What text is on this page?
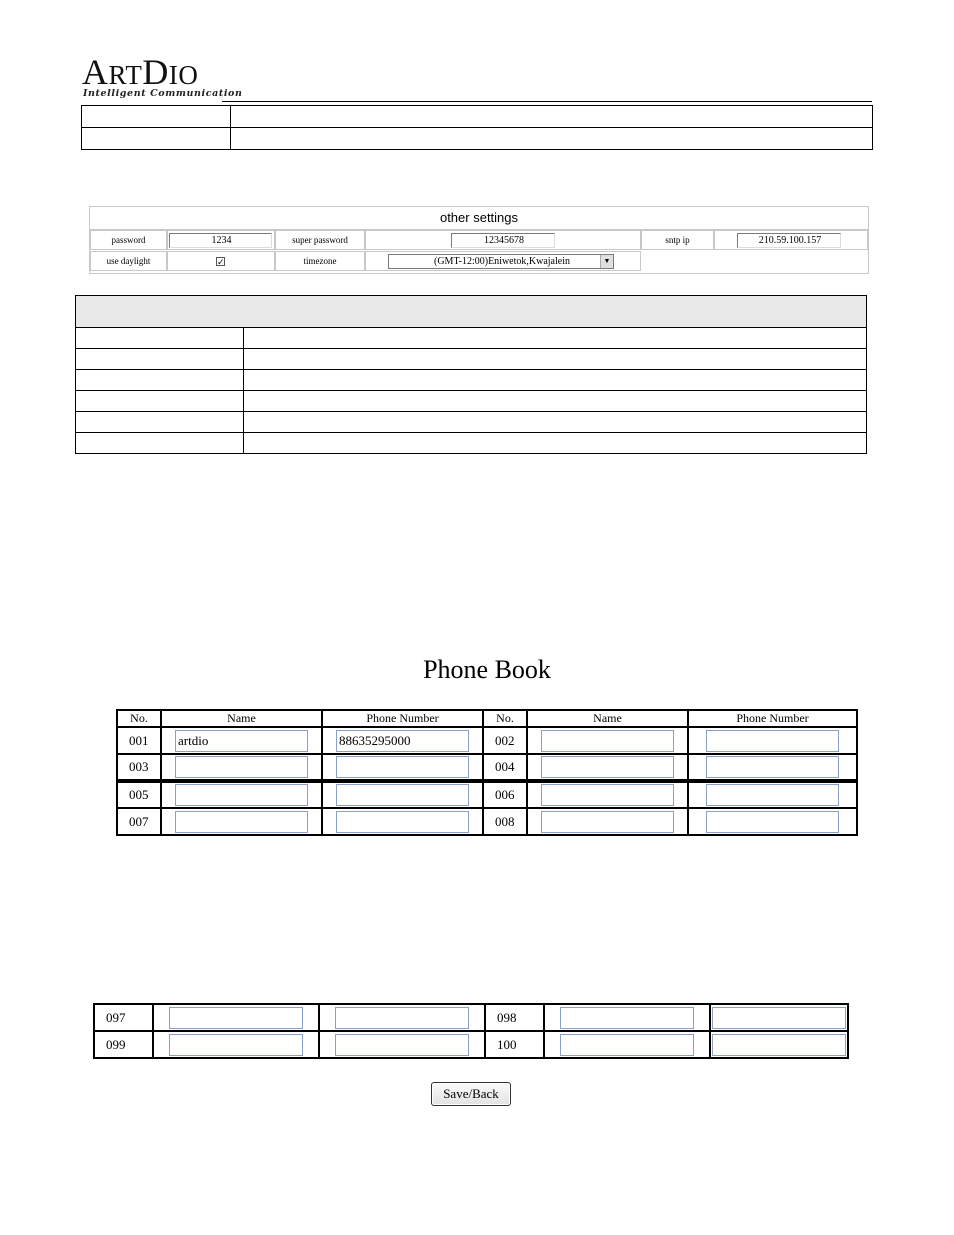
ARTDIO
Intelligent Communication

other settings
password	1234	super password	12345678	sntp ip	210.59.100.157
use daylight	✓	timezone	(GMT-12:00)Eniwetok,Kwajalein	▼

Phone Book
No.	Name	Phone Number	No.	Name	Phone Number
001	artdio	88635295000	002	

003			004	

005			006	

007			008	

097			098	

099			100	

Save/Back
